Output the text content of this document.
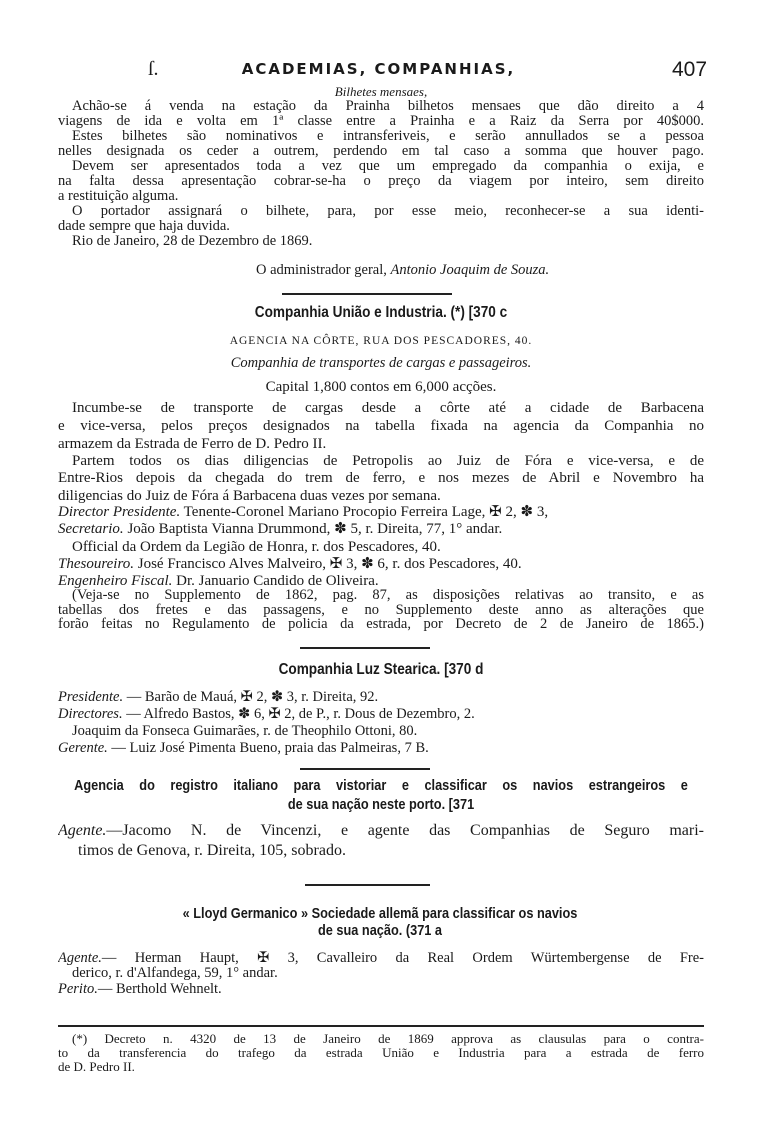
ſ.	ACADEMIAS, COMPANHIAS,	407
Bilhetes mensaes,
Achão-se á venda na estação da Prainha bilhetos mensaes que dão direito a 4
viagens de ida e volta em 1ª classe entre a Prainha e a Raiz da Serra por 40$000.
Estes bilhetes são nominativos e intransferiveis, e serão annullados se a pessoa
nelles designada os ceder a outrem, perdendo em tal caso a somma que houver pago.
Devem ser apresentados toda a vez que um empregado da companhia o exija, e
na falta dessa apresentação cobrar-se-ha o preço da viagem por inteiro, sem direito
a restituição alguma.
O portador assignará o bilhete, para, por esse meio, reconhecer-se a sua identi-
dade sempre que haja duvida.
Rio de Janeiro, 28 de Dezembro de 1869.
O administrador geral, Antonio Joaquim de Souza.
Companhia União e Industria. (*) [370 c
AGENCIA NA CÔRTE, RUA DOS PESCADORES, 40.
Companhia de transportes de cargas e passageiros.
Capital 1,800 contos em 6,000 acções.
Incumbe-se de transporte de cargas desde a côrte até a cidade de Barbacena
e vice-versa, pelos preços designados na tabella fixada na agencia da Companhia no
armazem da Estrada de Ferro de D. Pedro II.
Partem todos os dias diligencias de Petropolis ao Juiz de Fóra e vice-versa, e de
Entre-Rios depois da chegada do trem de ferro, e nos mezes de Abril e Novembro ha
diligencias do Juiz de Fóra á Barbacena duas vezes por semana.
Director Presidente. Tenente-Coronel Mariano Procopio Ferreira Lage, ✠ 2, ✽ 3,
Secretario. João Baptista Vianna Drummond, ✽ 5, r. Direita, 77, 1° andar.
Official da Ordem da Legião de Honra, r. dos Pescadores, 40.
Thesoureiro. José Francisco Alves Malveiro, ✠ 3, ✽ 6, r. dos Pescadores, 40.
Engenheiro Fiscal. Dr. Januario Candido de Oliveira.
(Veja-se no Supplemento de 1862, pag. 87, as disposições relativas ao transito, e as
tabellas dos fretes e das passagens, e no Supplemento deste anno as alterações que
forão feitas no Regulamento de policia da estrada, por Decreto de 2 de Janeiro de 1865.)
Companhia Luz Stearica. [370 d
Presidente. — Barão de Mauá, ✠ 2, ✽ 3, r. Direita, 92.
Directores. — Alfredo Bastos, ✽ 6, ✠ 2, de P., r. Dous de Dezembro, 2.
Joaquim da Fonseca Guimarães, r. de Theophilo Ottoni, 80.
Gerente. — Luiz José Pimenta Bueno, praia das Palmeiras, 7 B.
Agencia do registro italiano para vistoriar e classificar os navios estrangeiros e
de sua nação neste porto. [371
Agente.—Jacomo N. de Vincenzi, e agente das Companhias de Seguro mari-
timos de Genova, r. Direita, 105, sobrado.
« Lloyd Germanico » Sociedade allemã para classificar os navios
de sua nação. (371 a
Agente.— Herman Haupt, ✠ 3, Cavalleiro da Real Ordem Würtembergense de Fre-
derico, r. d'Alfandega, 59, 1° andar.
Perito.— Berthold Wehnelt.
(*) Decreto n. 4320 de 13 de Janeiro de 1869 approva as clausulas para o contra-
to da transferencia do trafego da estrada União e Industria para a estrada de ferro
de D. Pedro II.
